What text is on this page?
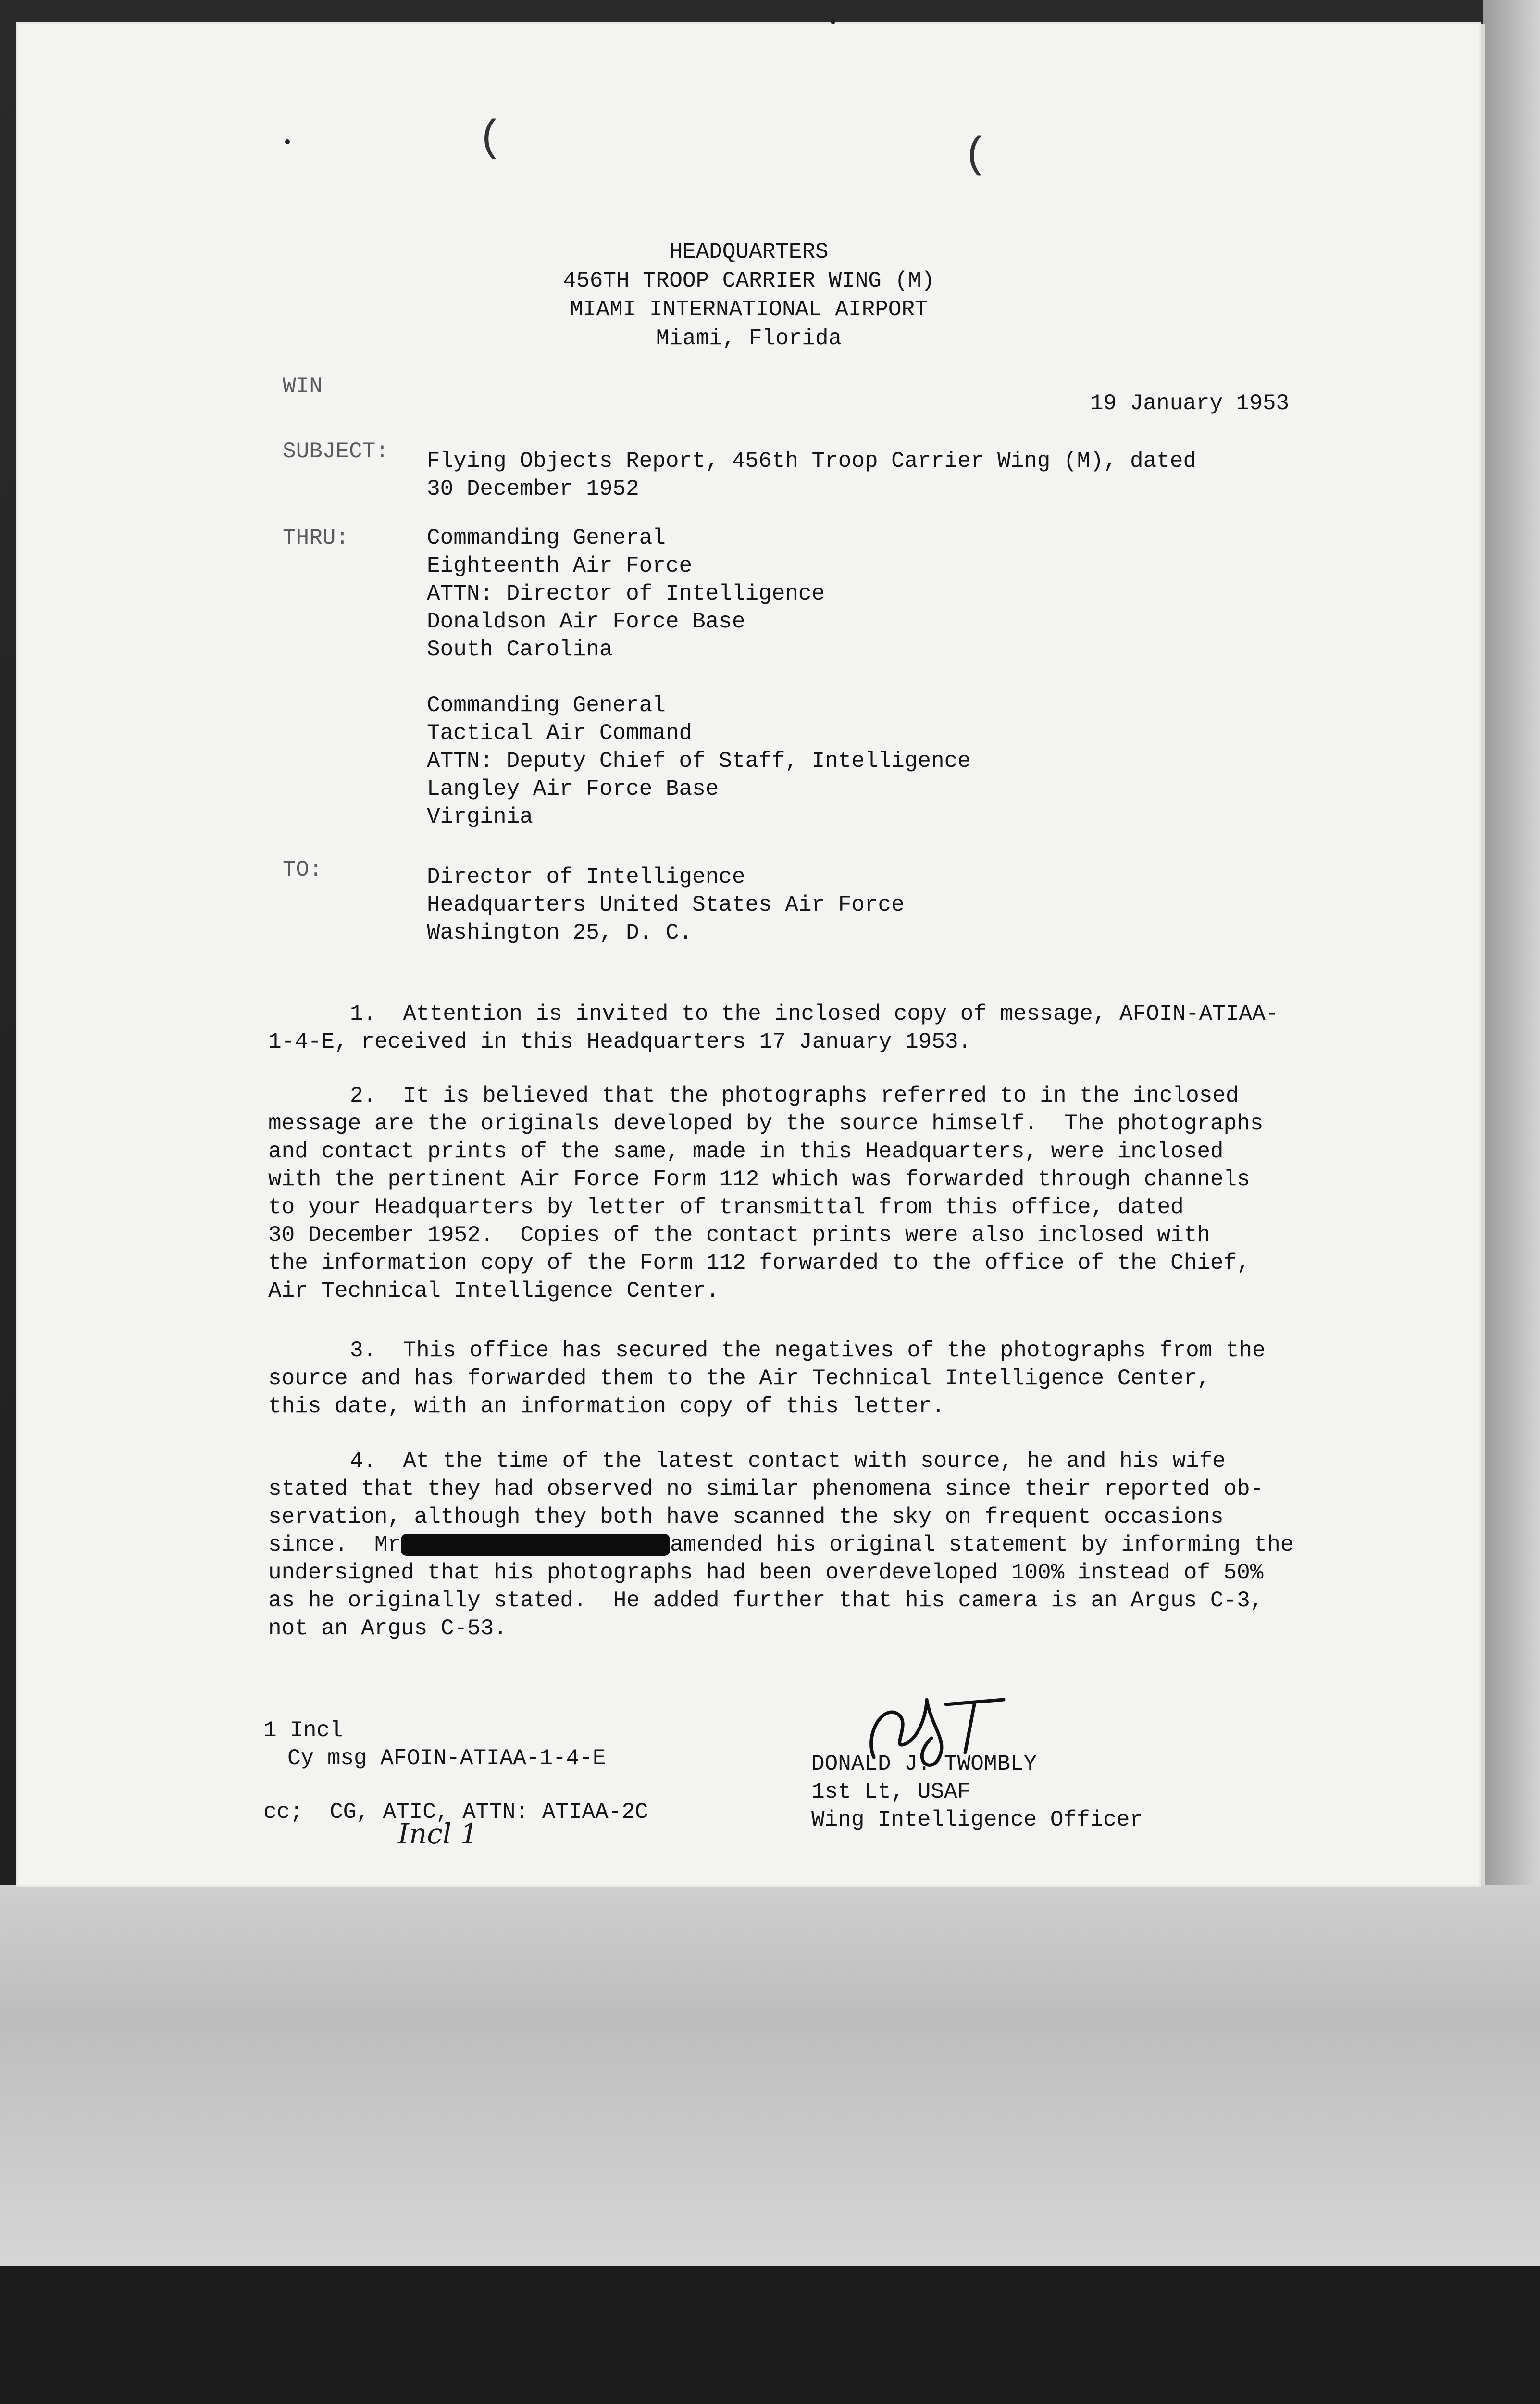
(	(
HEADQUARTERS
456TH TROOP CARRIER WING (M)
MIAMI INTERNATIONAL AIRPORT
Miami, Florida
WIN
19 January 1953
SUBJECT: Flying Objects Report, 456th Troop Carrier Wing (M), dated
30 December 1952
THRU:	Commanding General
Eighteenth Air Force
ATTN: Director of Intelligence
Donaldson Air Force Base
South Carolina
Commanding General
Tactical Air Command
ATTN: Deputy Chief of Staff, Intelligence
Langley Air Force Base
Virginia
TO:	Director of Intelligence
Headquarters United States Air Force
Washington 25, D. C.
1.  Attention is invited to the inclosed copy of message, AFOIN-ATIAA-
1-4-E, received in this Headquarters 17 January 1953.
2.  It is believed that the photographs referred to in the inclosed
message are the originals developed by the source himself.  The photographs
and contact prints of the same, made in this Headquarters, were inclosed
with the pertinent Air Force Form 112 which was forwarded through channels
to your Headquarters by letter of transmittal from this office, dated
30 December 1952.  Copies of the contact prints were also inclosed with
the information copy of the Form 112 forwarded to the office of the Chief,
Air Technical Intelligence Center.
3.  This office has secured the negatives of the photographs from the
source and has forwarded them to the Air Technical Intelligence Center,
this date, with an information copy of this letter.
4.  At the time of the latest contact with source, he and his wife
stated that they had observed no similar phenomena since their reported ob-
servation, although they both have scanned the sky on frequent occasions
since.  Mr	amended his original statement by informing the
undersigned that his photographs had been overdeveloped 100% instead of 50%
as he originally stated.  He added further that his camera is an Argus C-3,
not an Argus C-53.
DONALD J. TWOMBLY
1st Lt, USAF
Wing Intelligence Officer
1 Incl
Cy msg AFOIN-ATIAA-1-4-E
cc;  CG, ATIC, ATTN: ATIAA-2C
Incl 1
